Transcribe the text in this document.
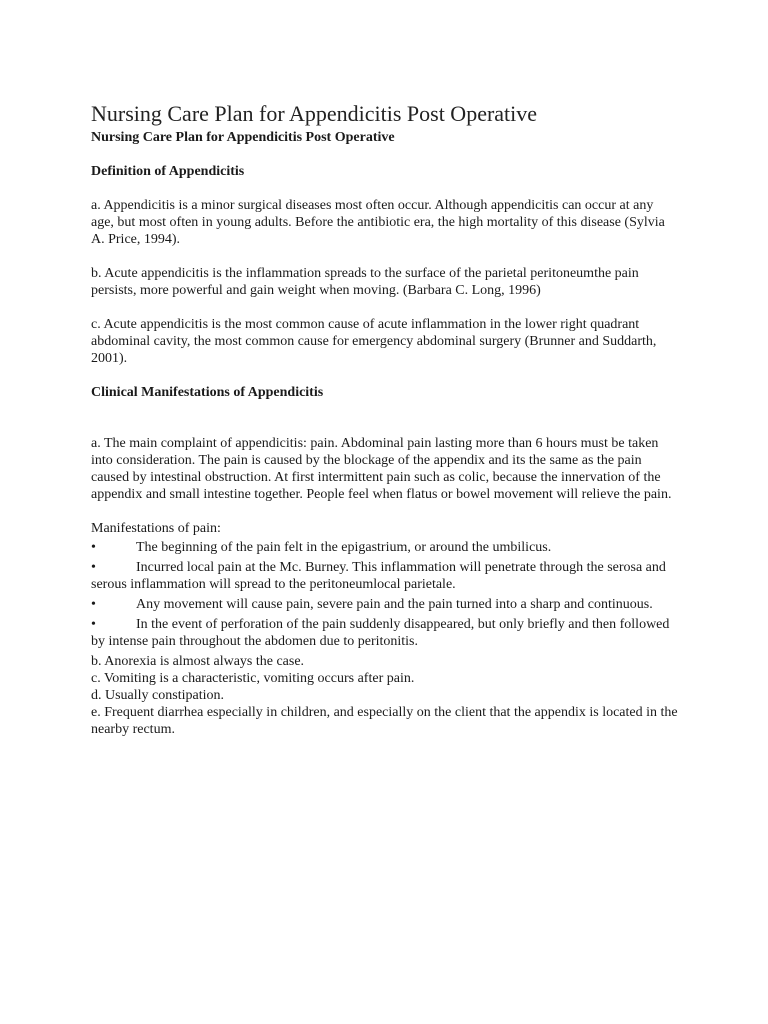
Nursing Care Plan for Appendicitis Post Operative

Nursing Care Plan for Appendicitis Post Operative

Definition of Appendicitis

a. Appendicitis is a minor surgical diseases most often occur. Although appendicitis can occur at any age, but most often in young adults. Before the antibiotic era, the high mortality of this disease (Sylvia A. Price, 1994).

b. Acute appendicitis is the inflammation spreads to the surface of the parietal peritoneumthe pain persists, more powerful and gain weight when moving. (Barbara C. Long, 1996)

c. Acute appendicitis is the most common cause of acute inflammation in the lower right quadrant abdominal cavity, the most common cause for emergency abdominal surgery (Brunner and Suddarth, 2001).

Clinical Manifestations of Appendicitis

a. The main complaint of appendicitis: pain. Abdominal pain lasting more than 6 hours must be taken into consideration. The pain is caused by the blockage of the appendix and its the same as the pain caused by intestinal obstruction. At first intermittent pain such as colic, because the innervation of the appendix and small intestine together. People feel when flatus or bowel movement will relieve the pain.

Manifestations of pain:

•	The beginning of the pain felt in the epigastrium, or around the umbilicus.
•	Incurred local pain at the Mc. Burney. This inflammation will penetrate through the serosa and serous inflammation will spread to the peritoneumlocal parietale.
•	Any movement will cause pain, severe pain and the pain turned into a sharp and continuous.
•	In the event of perforation of the pain suddenly disappeared, but only briefly and then followed by intense pain throughout the abdomen due to peritonitis.

b. Anorexia is almost always the case.

c. Vomiting is a characteristic, vomiting occurs after pain.

d. Usually constipation.

e. Frequent diarrhea especially in children, and especially on the client that the appendix is located in the nearby rectum.
